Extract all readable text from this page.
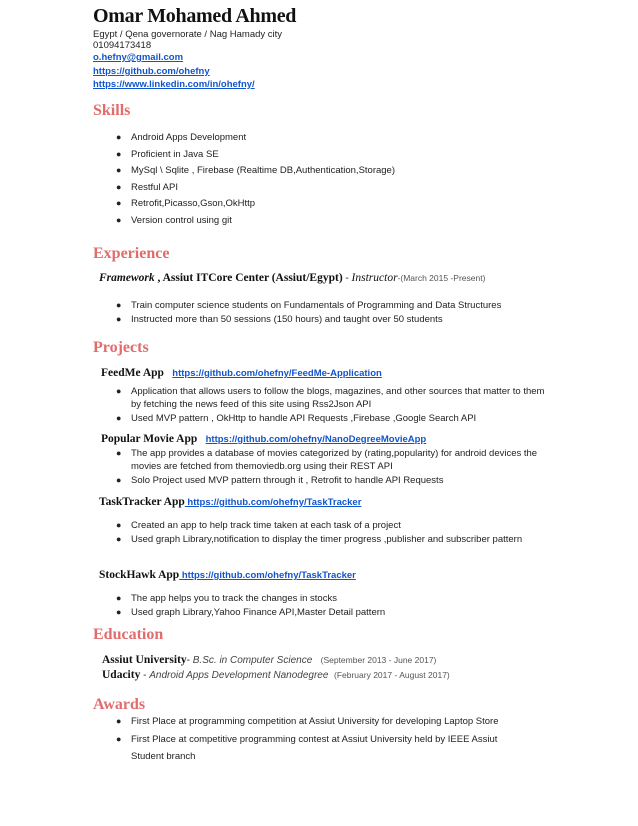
Omar Mohamed Ahmed
Egypt / Qena governorate / Nag Hamady city
01094173418
o.hefny@gmail.com
https://github.com/ohefny
https://www.linkedin.com/in/ohefny/
Skills
● Android Apps Development
● Proficient in Java SE
● MySql \ Sqlite , Firebase (Realtime DB,Authentication,Storage)
● Restful API
● Retrofit,Picasso,Gson,OkHttp
● Version control using git
Experience
Framework , Assiut ITCore Center (Assiut/Egypt) - Instructor-(March 2015 -Present)
● Train computer science students on Fundamentals of Programming and Data Structures
● Instructed more than 50 sessions (150 hours) and taught over 50 students
Projects
FeedMe App https://github.com/ohefny/FeedMe-Application
● Application that allows users to follow the blogs, magazines, and other sources that matter to them by fetching the news feed of this site using Rss2Json API
● Used MVP pattern , OkHttp to handle API Requests ,Firebase ,Google Search API
Popular Movie App https://github.com/ohefny/NanoDegreeMovieApp
● The app provides a database of movies categorized by (rating,popularity) for android devices the movies are fetched from themoviedb.org using their REST API
● Solo Project used MVP pattern through it , Retrofit to handle API Requests
TaskTracker App https://github.com/ohefny/TaskTracker
● Created an app to help track time taken at each task of a project
● Used graph Library,notification to display the timer progress ,publisher and subscriber pattern
StockHawk App https://github.com/ohefny/TaskTracker
● The app helps you to track the changes in stocks
● Used graph Library,Yahoo Finance API,Master Detail pattern
Education
Assiut University- B.Sc. in Computer Science (September 2013 - June 2017)
Udacity - Android Apps Development Nanodegree (February 2017 - August 2017)
Awards
● First Place at programming competition at Assiut University for developing Laptop Store
● First Place at competitive programming contest at Assiut University held by IEEE Assiut Student branch
